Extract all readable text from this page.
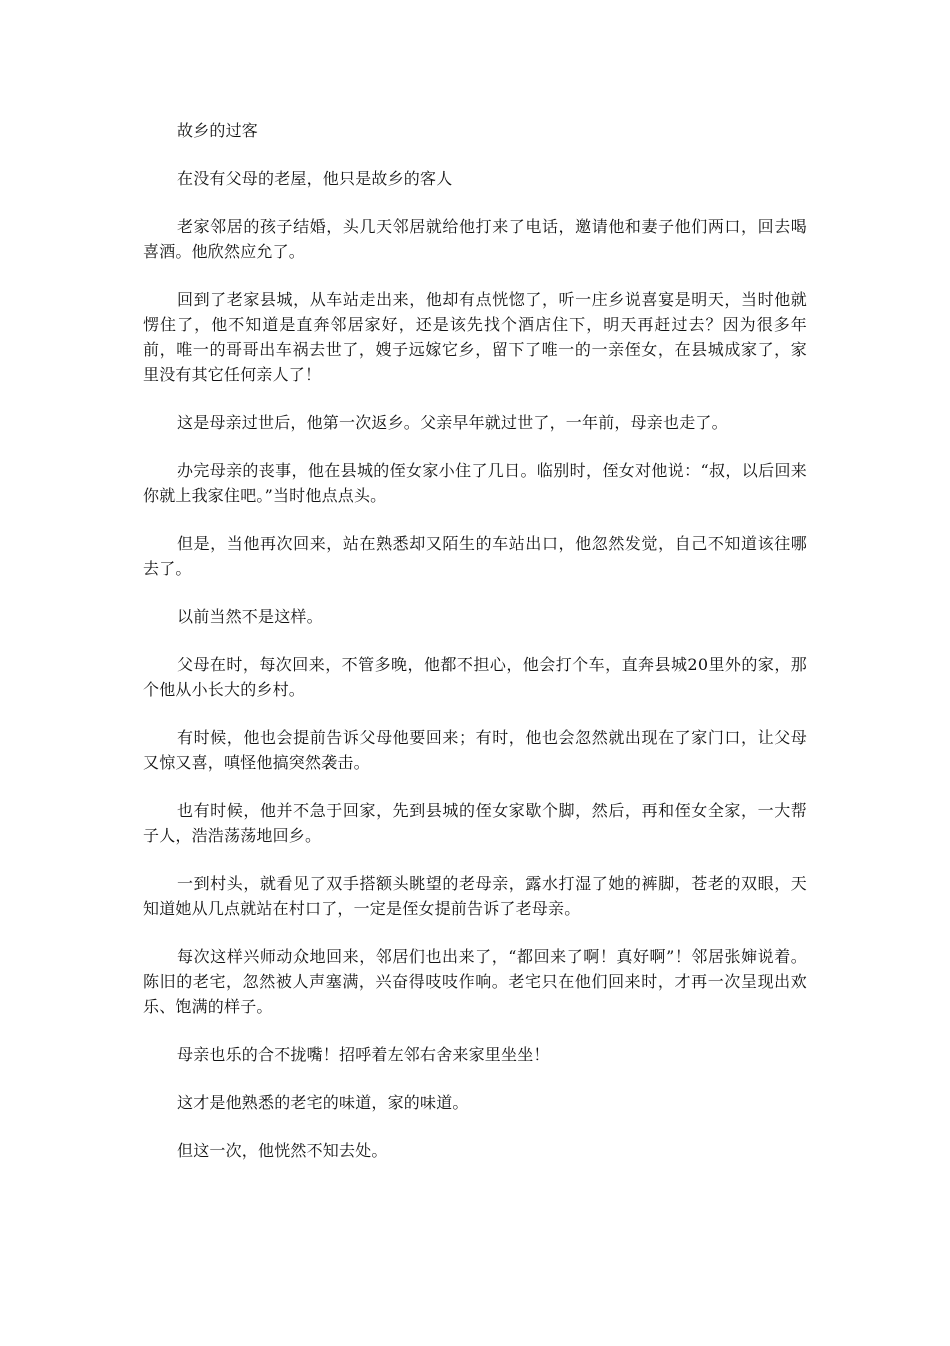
故乡的过客

在没有父母的老屋，他只是故乡的客人

老家邻居的孩子结婚，头几天邻居就给他打来了电话，邀请他和妻子他们两口，回去喝喜酒。他欣然应允了。

回到了老家县城，从车站走出来，他却有点恍惚了，听一庄乡说喜宴是明天，当时他就愣住了，他不知道是直奔邻居家好，还是该先找个酒店住下，明天再赶过去？因为很多年前，唯一的哥哥出车祸去世了，嫂子远嫁它乡，留下了唯一的一亲侄女，在县城成家了，家里没有其它任何亲人了！

这是母亲过世后，他第一次返乡。父亲早年就过世了，一年前，母亲也走了。

办完母亲的丧事，他在县城的侄女家小住了几日。临别时，侄女对他说：“叔，以后回来你就上我家住吧。”当时他点点头。

但是，当他再次回来，站在熟悉却又陌生的车站出口，他忽然发觉，自己不知道该往哪去了。

以前当然不是这样。

父母在时，每次回来，不管多晚，他都不担心，他会打个车，直奔县城20里外的家，那个他从小长大的乡村。

有时候，他也会提前告诉父母他要回来；有时，他也会忽然就出现在了家门口，让父母又惊又喜，嗔怪他搞突然袭击。

也有时候，他并不急于回家，先到县城的侄女家歇个脚，然后，再和侄女全家，一大帮子人，浩浩荡荡地回乡。

一到村头，就看见了双手搭额头眺望的老母亲，露水打湿了她的裤脚，苍老的双眼，天知道她从几点就站在村口了，一定是侄女提前告诉了老母亲。

每次这样兴师动众地回来，邻居们也出来了，“都回来了啊！真好啊”！邻居张婶说着。陈旧的老宅，忽然被人声塞满，兴奋得吱吱作响。老宅只在他们回来时，才再一次呈现出欢乐、饱满的样子。

母亲也乐的合不拢嘴！招呼着左邻右舍来家里坐坐！

这才是他熟悉的老宅的味道，家的味道。

但这一次，他恍然不知去处。
